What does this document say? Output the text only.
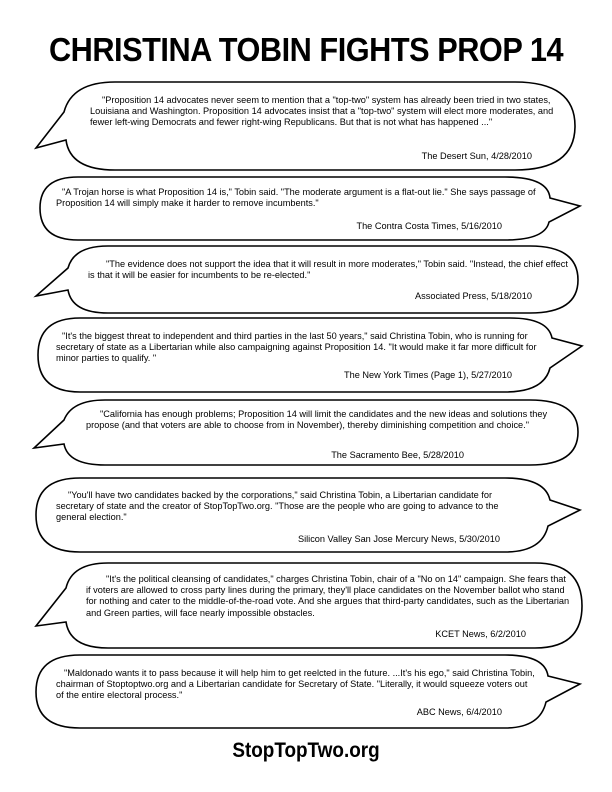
CHRISTINA TOBIN FIGHTS PROP 14
"Proposition 14 advocates never seem to mention that a "top-two" system has already been tried in two states, Louisiana and Washington. Proposition 14 advocates insist that a "top-two" system will elect more moderates, and fewer left-wing Democrats and fewer right-wing Republicans. But that is not what has happened ..."
The Desert Sun, 4/28/2010
"A Trojan horse is what Proposition 14 is," Tobin said. "The moderate argument is a flat-out lie." She says passage of Proposition 14 will simply make it harder to remove incumbents."
The Contra Costa Times, 5/16/2010
"The evidence does not support the idea that it will result in more moderates," Tobin said. "Instead, the chief effect is that it will be easier for incumbents to be re-elected."
Associated Press, 5/18/2010
"It's the biggest threat to independent and third parties in the last 50 years," said Christina Tobin, who is running for secretary of state as a Libertarian while also campaigning against Proposition 14. "It would make it far more difficult for minor parties to qualify. "
The New York Times (Page 1), 5/27/2010
"California has enough problems; Proposition 14 will limit the candidates and the new ideas and solutions they propose (and that voters are able to choose from in November), thereby diminishing competition and choice."
The Sacramento Bee, 5/28/2010
"You'll have two candidates backed by the corporations," said Christina Tobin, a Libertarian candidate for secretary of state and the creator of StopTopTwo.org. "Those are the people who are going to advance to the general election."
Silicon Valley San Jose Mercury News, 5/30/2010
"It's the political cleansing of candidates," charges Christina Tobin, chair of a "No on 14" campaign. She fears that if voters are allowed to cross party lines during the primary, they'll place candidates on the November ballot who stand for nothing and cater to the middle-of-the-road vote. And she argues that third-party candidates, such as the Libertarian and Green parties, will face nearly impossible obstacles.
KCET News, 6/2/2010
"Maldonado wants it to pass because it will help him to get reelcted in the future. ...It's his ego," said Christina Tobin, chairman of Stoptoptwo.org and a Libertarian candidate for Secretary of State. "Literally, it would squeeze voters out of the entire electoral process."
ABC News, 6/4/2010
StopTopTwo.org
